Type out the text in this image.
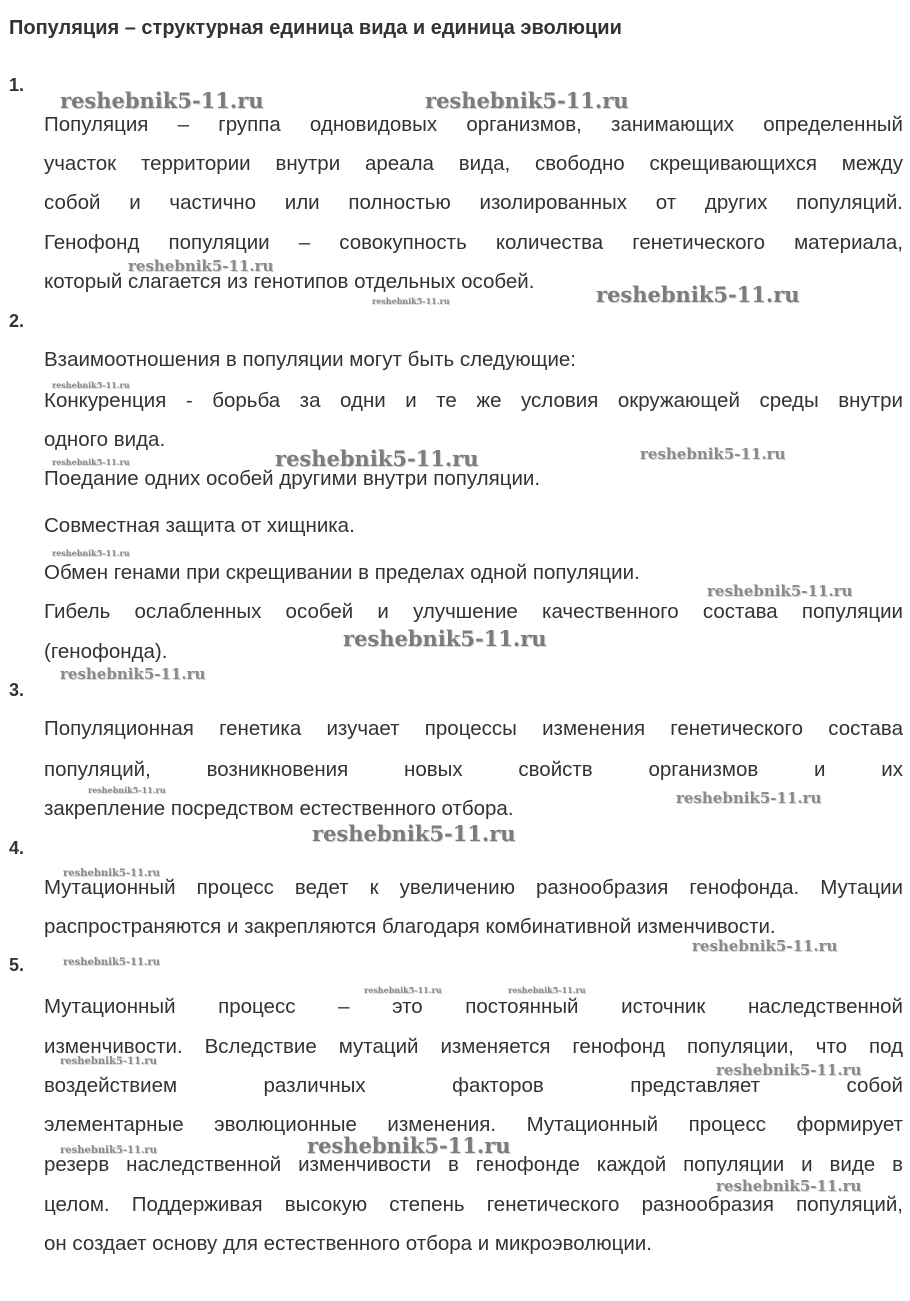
Популяция – структурная единица вида и единица эволюции
1.
Популяция – группа одновидовых организмов, занимающих определенный
участок территории внутри ареала вида, свободно скрещивающихся между
собой и частично или полностью изолированных от других популяций.
Генофонд популяции – совокупность количества генетического материала,
который слагается из генотипов отдельных особей.
2.
Взаимоотношения в популяции могут быть следующие:
Конкуренция - борьба за одни и те же условия окружающей среды внутри
одного вида.
Поедание одних особей другими внутри популяции.
Совместная защита от хищника.
Обмен генами при скрещивании в пределах одной популяции.
Гибель ослабленных особей и улучшение качественного состава популяции
(генофонда).
3.
Популяционная генетика изучает процессы изменения генетического состава
популяций, возникновения новых свойств организмов и их
закрепление посредством естественного отбора.
4.
Мутационный процесс ведет к увеличению разнообразия генофонда. Мутации
распространяются и закрепляются благодаря комбинативной изменчивости.
5.
Мутационный процесс – это постоянный источник наследственной
изменчивости. Вследствие мутаций изменяется генофонд популяции, что под
воздействием различных факторов представляет собой
элементарные эволюционные изменения. Мутационный процесс формирует
резерв наследственной изменчивости в генофонде каждой популяции и виде в
целом. Поддерживая высокую степень генетического разнообразия популяций,
он создает основу для естественного отбора и микроэволюции.
reshebnik5-11.ru	reshebnik5-11.ru
reshebnik5-11.ru
reshebnik5-11.ru	reshebnik5-11.ru
reshebnik5-11.ru
reshebnik5-11.ru	reshebnik5-11.ru	reshebnik5-11.ru
reshebnik5-11.ru
reshebnik5-11.ru
reshebnik5-11.ru
reshebnik5-11.ru
reshebnik5-11.ru	reshebnik5-11.ru
reshebnik5-11.ru
reshebnik5-11.ru
reshebnik5-11.ru
reshebnik5-11.ru
reshebnik5-11.ru	reshebnik5-11.ru
reshebnik5-11.ru	reshebnik5-11.ru
reshebnik5-11.ru	reshebnik5-11.ru
reshebnik5-11.ru
